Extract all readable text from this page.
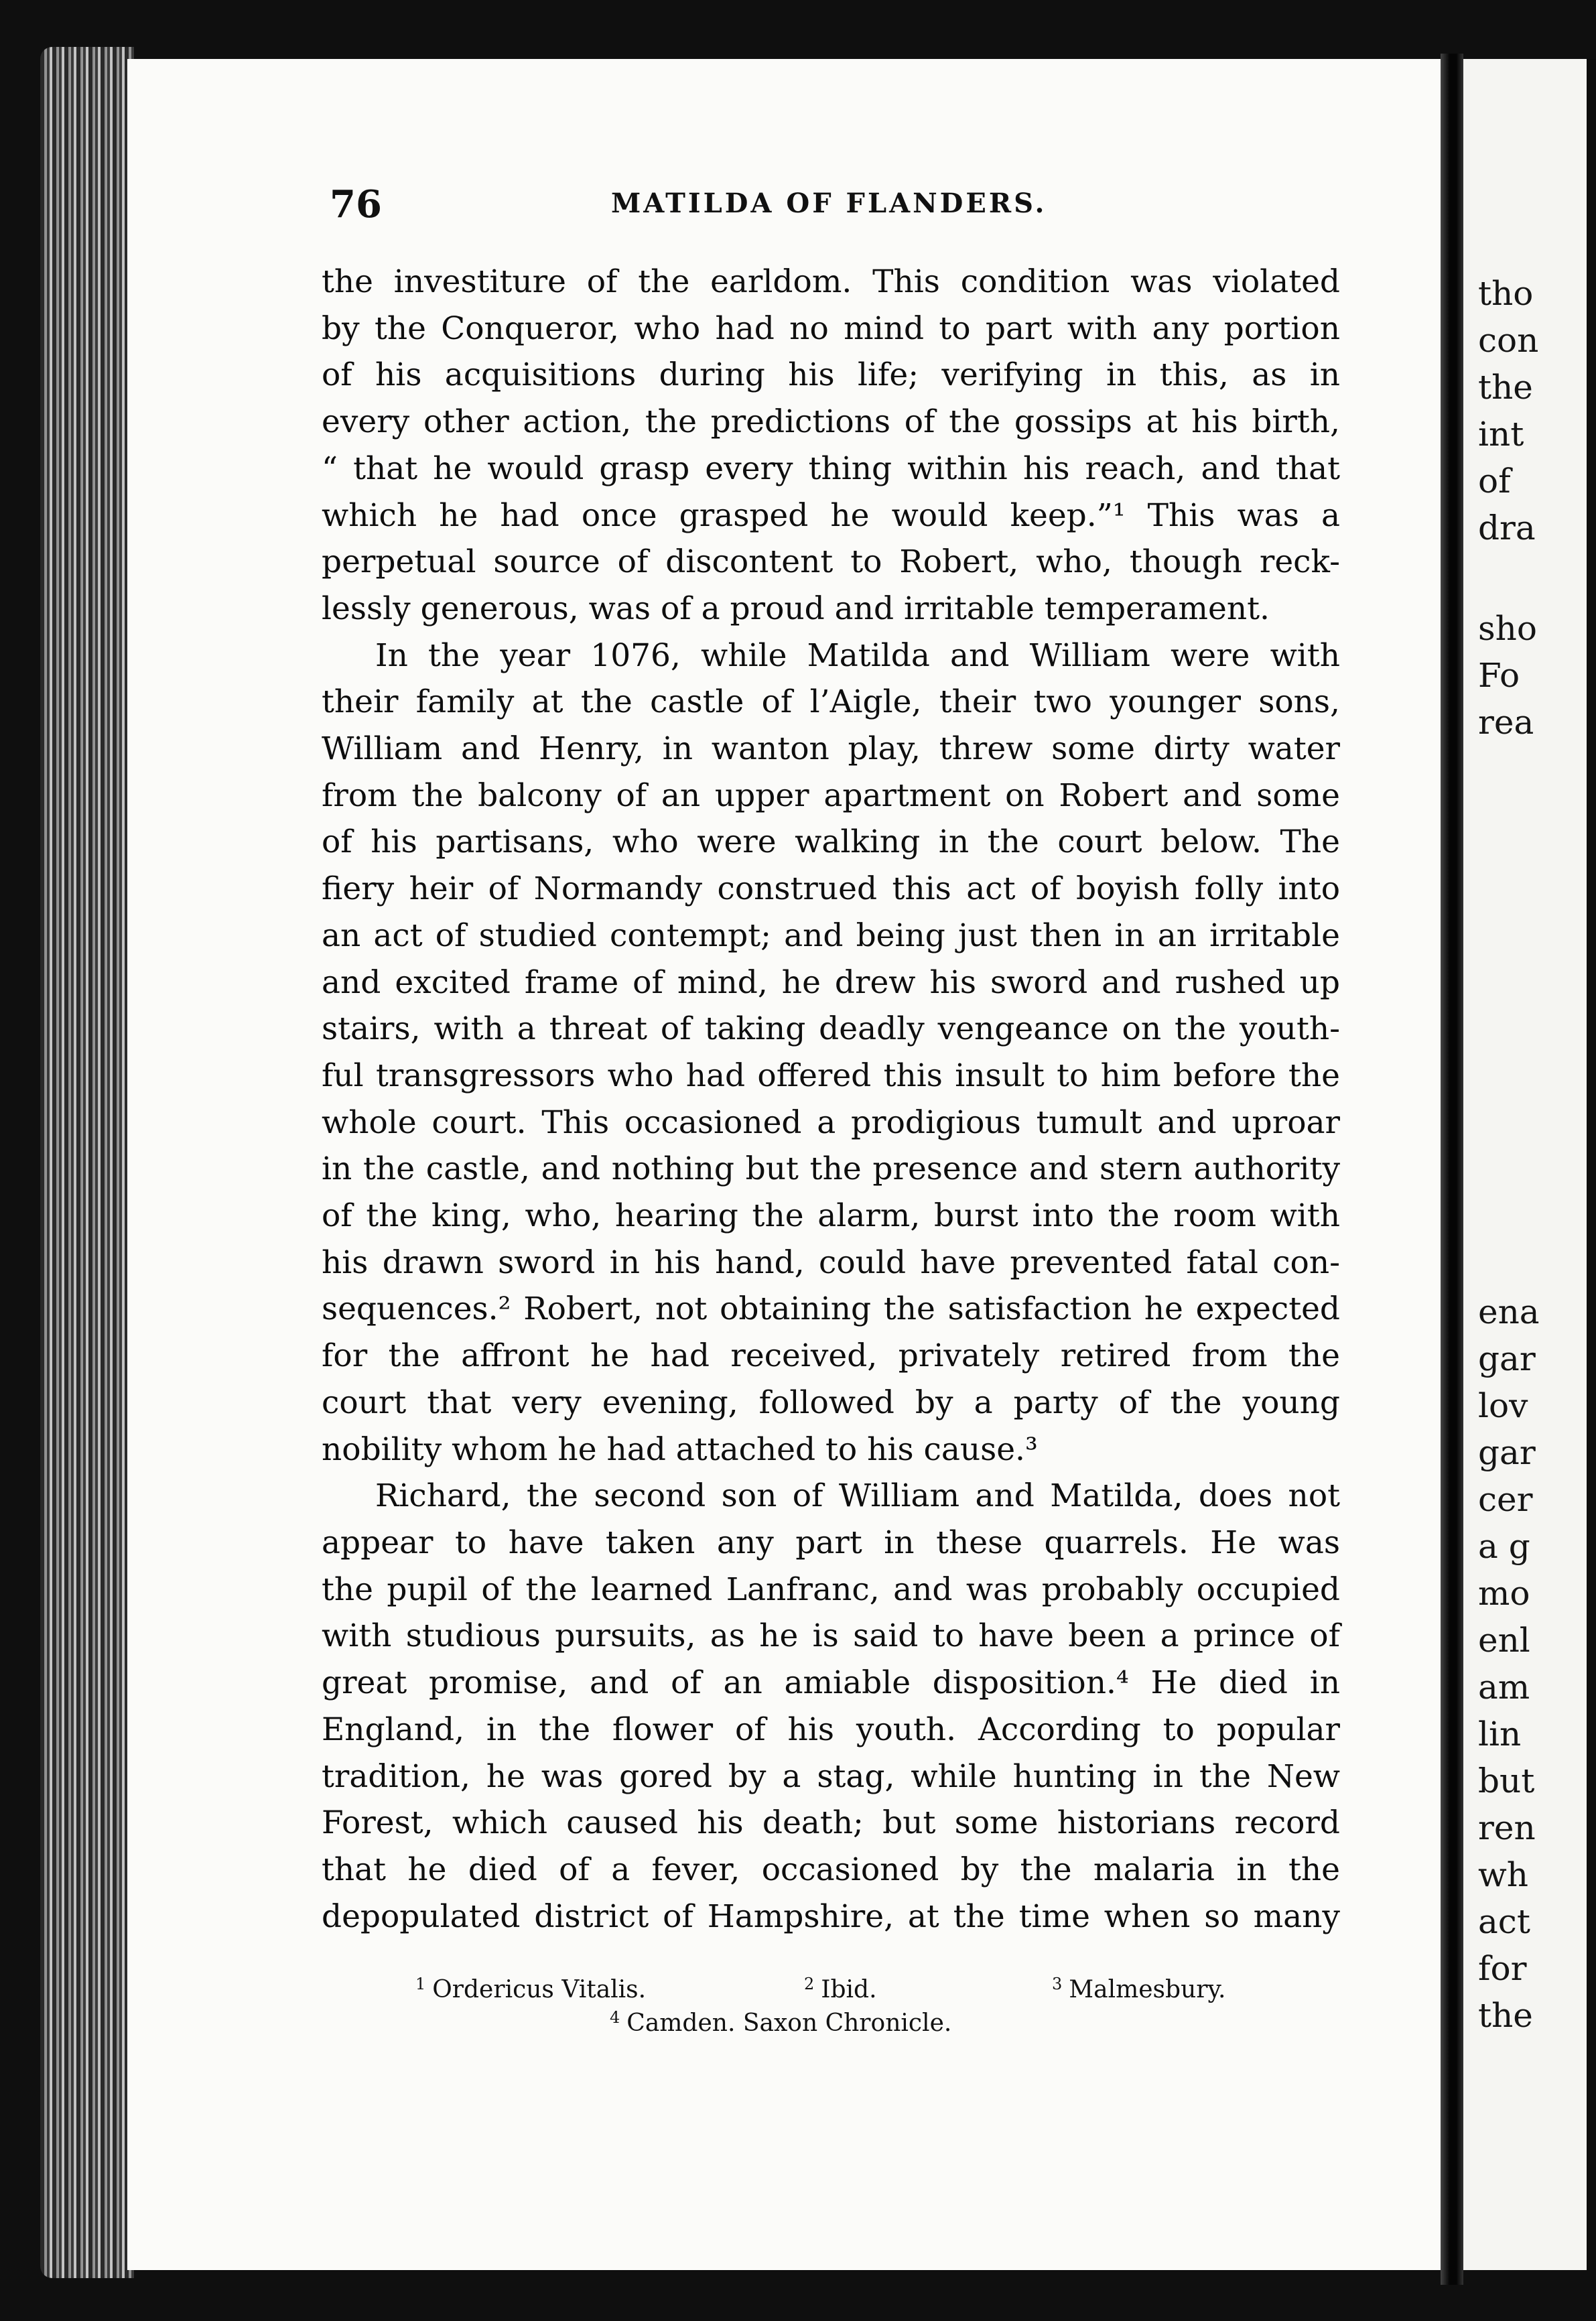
tho

con

the

int

of

dra

sho

Fo

rea

ena

gar

lov

gar

cer

a g

mo

enl

am

lin

but

ren

wh

act

for

the

76	MATILDA OF FLANDERS.

the investiture of the earldom. This condition was violated

by the Conqueror, who had no mind to part with any portion

of his acquisitions during his life; verifying in this, as in

every other action, the predictions of the gossips at his birth,

“ that he would grasp every thing within his reach, and that

which he had once grasped he would keep.”¹ This was a

perpetual source of discontent to Robert, who, though reck-

lessly generous, was of a proud and irritable temperament.

In the year 1076, while Matilda and William were with

their family at the castle of l’Aigle, their two younger sons,

William and Henry, in wanton play, threw some dirty water

from the balcony of an upper apartment on Robert and some

of his partisans, who were walking in the court below. The

fiery heir of Normandy construed this act of boyish folly into

an act of studied contempt; and being just then in an irritable

and excited frame of mind, he drew his sword and rushed up

stairs, with a threat of taking deadly vengeance on the youth-

ful transgressors who had offered this insult to him before the

whole court. This occasioned a prodigious tumult and uproar

in the castle, and nothing but the presence and stern authority

of the king, who, hearing the alarm, burst into the room with

his drawn sword in his hand, could have prevented fatal con-

sequences.² Robert, not obtaining the satisfaction he expected

for the affront he had received, privately retired from the

court that very evening, followed by a party of the young

nobility whom he had attached to his cause.³

Richard, the second son of William and Matilda, does not

appear to have taken any part in these quarrels. He was

the pupil of the learned Lanfranc, and was probably occupied

with studious pursuits, as he is said to have been a prince of

great promise, and of an amiable disposition.⁴ He died in

England, in the flower of his youth. According to popular

tradition, he was gored by a stag, while hunting in the New

Forest, which caused his death; but some historians record

that he died of a fever, occasioned by the malaria in the

depopulated district of Hampshire, at the time when so many

$^1$ Ordericus Vitalis.	$^2$ Ibid.	$^3$ Malmesbury.

$^4$ Camden. Saxon Chronicle.
